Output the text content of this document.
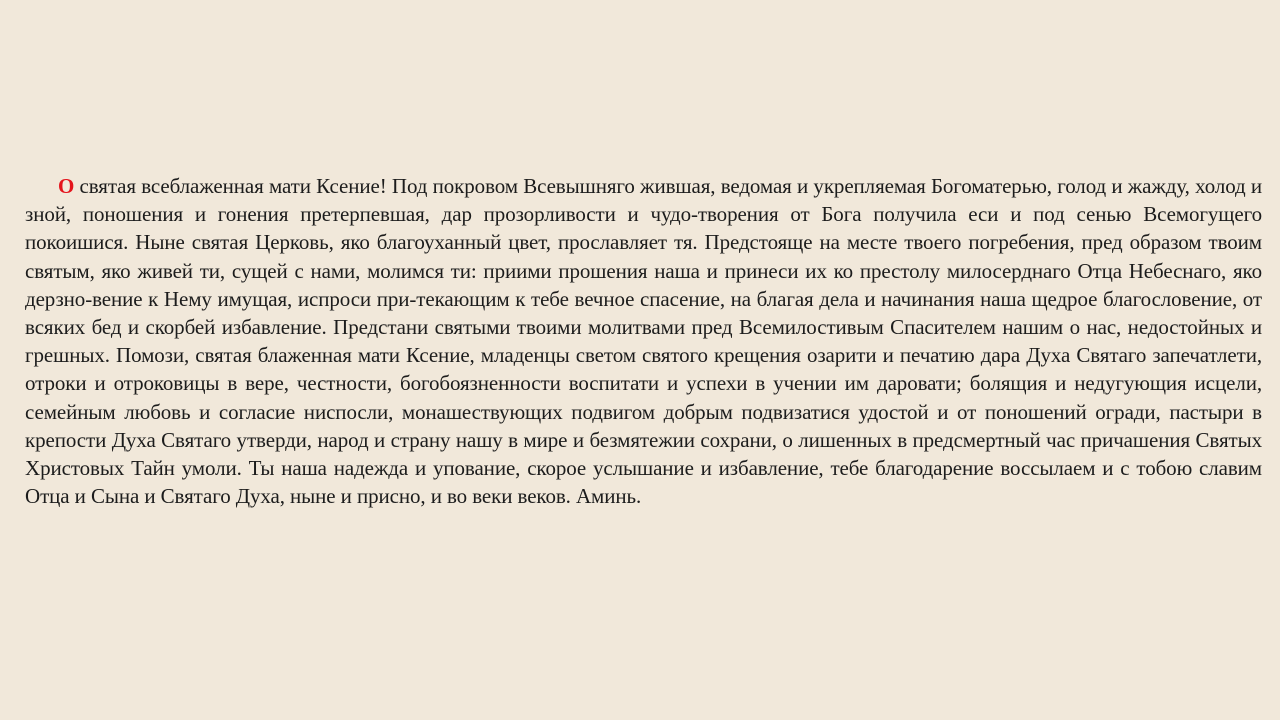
О святая всеблаженная мати Ксение! Под покровом Всевышняго жившая, ведомая и укрепляемая Богоматерью, голод и жажду, холод и зной, поношения и гонения претерпевшая, дар прозорливости и чудо-творения от Бога получила еси и под сенью Всемогущего покоишися. Ныне святая Церковь, яко благоуханный цвет, прославляет тя. Предстояще на месте твоего погребения, пред образом твоим святым, яко живей ти, сущей с нами, молимся ти: приими прошения наша и принеси их ко престолу милосерднаго Отца Небеснаго, яко дерзно-вение к Нему имущая, испроси при-текающим к тебе вечное спасение, на благая дела и начинания наша щедрое благословение, от всяких бед и скорбей избавление. Предстани святыми твоими молитвами пред Всемилостивым Спасителем нашим о нас, недостойных и грешных. Помози, святая блаженная мати Ксение, младенцы светом святого крещения озарити и печатию дара Духа Святаго запечатлети, отроки и отроковицы в вере, честности, богобоязненности воспитати и успехи в учении им даровати; болящия и недугующия исцели, семейным любовь и согласие ниспосли, монашествующих подвигом добрым подвизатися удостой и от поношений огради, пастыри в крепости Духа Святаго утверди, народ и страну нашу в мире и безмятежии сохрани, о лишенных в предсмертный час причашения Святых Христовых Тайн умоли. Ты наша надежда и упование, скорое услышание и избавление, тебе благодарение воссылаем и с тобою славим Отца и Сына и Святаго Духа, ныне и присно, и во веки веков. Аминь.
